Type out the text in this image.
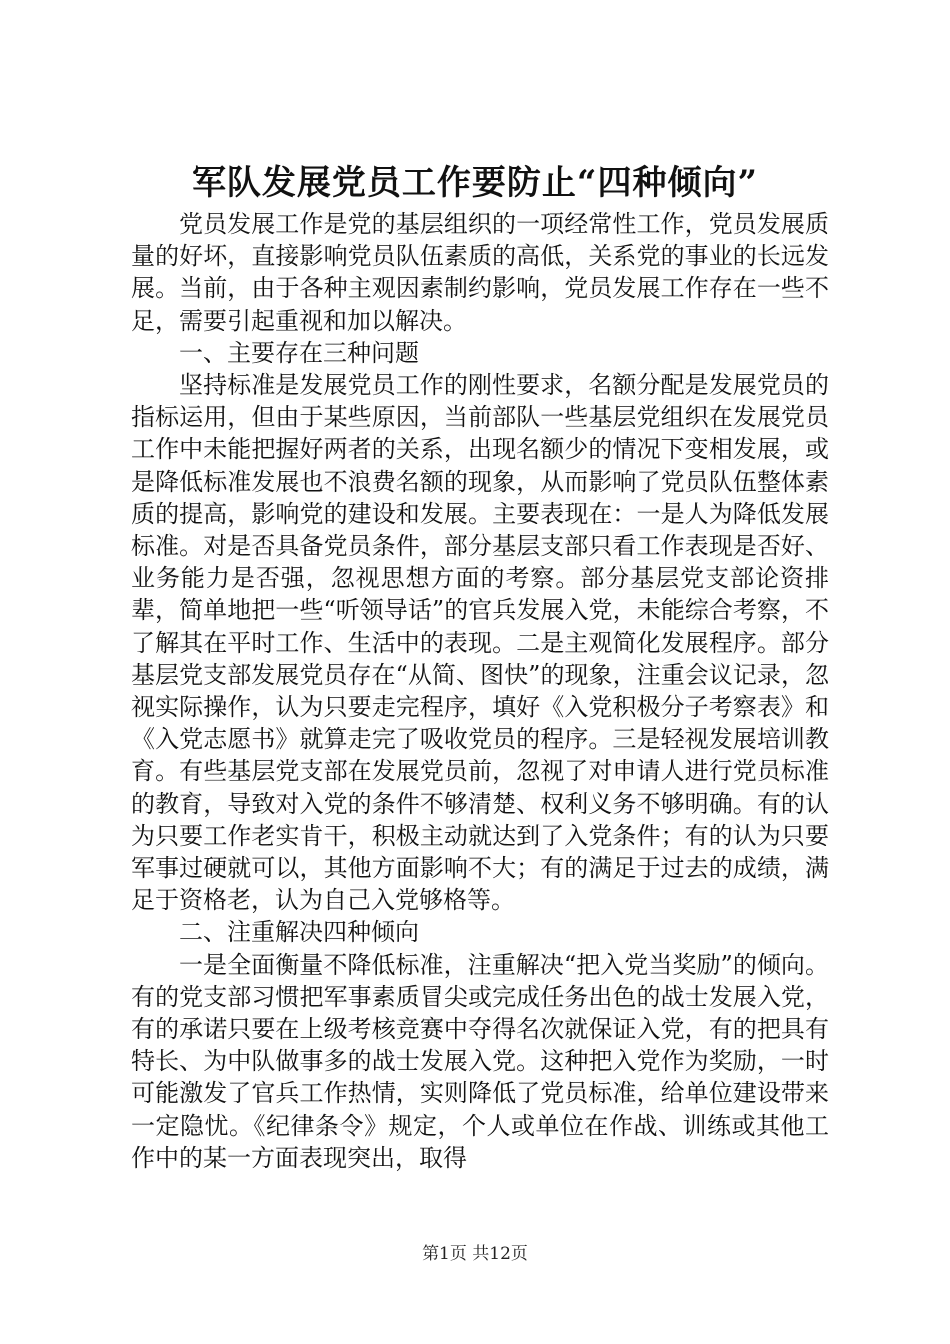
军队发展党员工作要防止“四种倾向”

党员发展工作是党的基层组织的一项经常性工作，党员发展质量的好坏，直接影响党员队伍素质的高低，关系党的事业的长远发展。当前，由于各种主观因素制约影响，党员发展工作存在一些不足，需要引起重视和加以解决。

一、主要存在三种问题

坚持标准是发展党员工作的刚性要求，名额分配是发展党员的指标运用，但由于某些原因，当前部队一些基层党组织在发展党员工作中未能把握好两者的关系，出现名额少的情况下变相发展，或是降低标准发展也不浪费名额的现象，从而影响了党员队伍整体素质的提高，影响党的建设和发展。主要表现在：一是人为降低发展标准。对是否具备党员条件，部分基层支部只看工作表现是否好、业务能力是否强，忽视思想方面的考察。部分基层党支部论资排辈，简单地把一些“听领导话”的官兵发展入党，未能综合考察，不了解其在平时工作、生活中的表现。二是主观简化发展程序。部分基层党支部发展党员存在“从简、图快”的现象，注重会议记录，忽视实际操作，认为只要走完程序，填好《入党积极分子考察表》和《入党志愿书》就算走完了吸收党员的程序。三是轻视发展培训教育。有些基层党支部在发展党员前，忽视了对申请人进行党员标准的教育，导致对入党的条件不够清楚、权利义务不够明确。有的认为只要工作老实肯干，积极主动就达到了入党条件；有的认为只要军事过硬就可以，其他方面影响不大；有的满足于过去的成绩，满足于资格老，认为自己入党够格等。

二、注重解决四种倾向

一是全面衡量不降低标准，注重解决“把入党当奖励”的倾向。有的党支部习惯把军事素质冒尖或完成任务出色的战士发展入党，有的承诺只要在上级考核竞赛中夺得名次就保证入党，有的把具有特长、为中队做事多的战士发展入党。这种把入党作为奖励，一时可能激发了官兵工作热情，实则降低了党员标准，给单位建设带来一定隐忧。《纪律条令》规定，个人或单位在作战、训练或其他工作中的某一方面表现突出，取得

第1页 共12页
